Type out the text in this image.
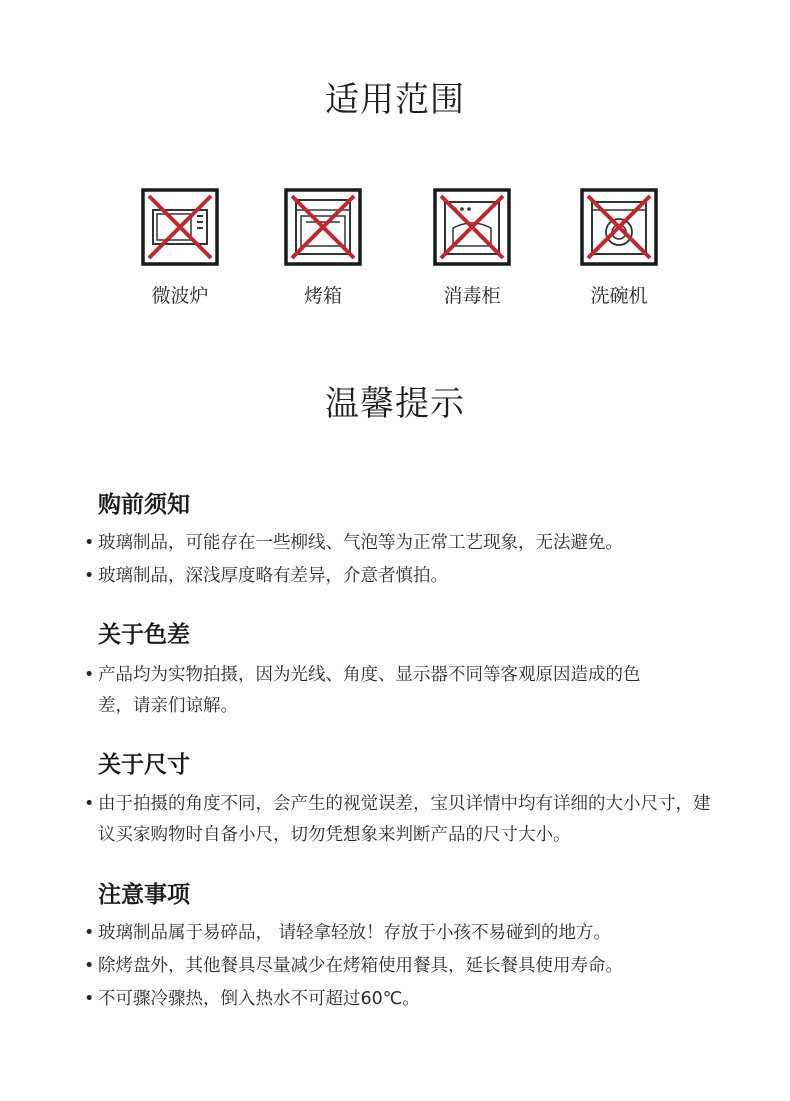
适用范围
微波炉	烤箱	消毒柜	洗碗机
温馨提示
购前须知
• 玻璃制品，可能存在一些柳线、气泡等为正常工艺现象，无法避免。
• 玻璃制品，深浅厚度略有差异，介意者慎拍。
关于色差
• 产品均为实物拍摄，因为光线、角度、显示器不同等客观原因造成的色差，请亲们谅解。
关于尺寸
• 由于拍摄的角度不同，会产生的视觉误差，宝贝详情中均有详细的大小尺寸，建议买家购物时自备小尺，切勿凭想象来判断产品的尺寸大小。
注意事项
• 玻璃制品属于易碎品， 请轻拿轻放！存放于小孩不易碰到的地方。
• 除烤盘外，其他餐具尽量减少在烤箱使用餐具，延长餐具使用寿命。
• 不可骤冷骤热，倒入热水不可超过60℃。
